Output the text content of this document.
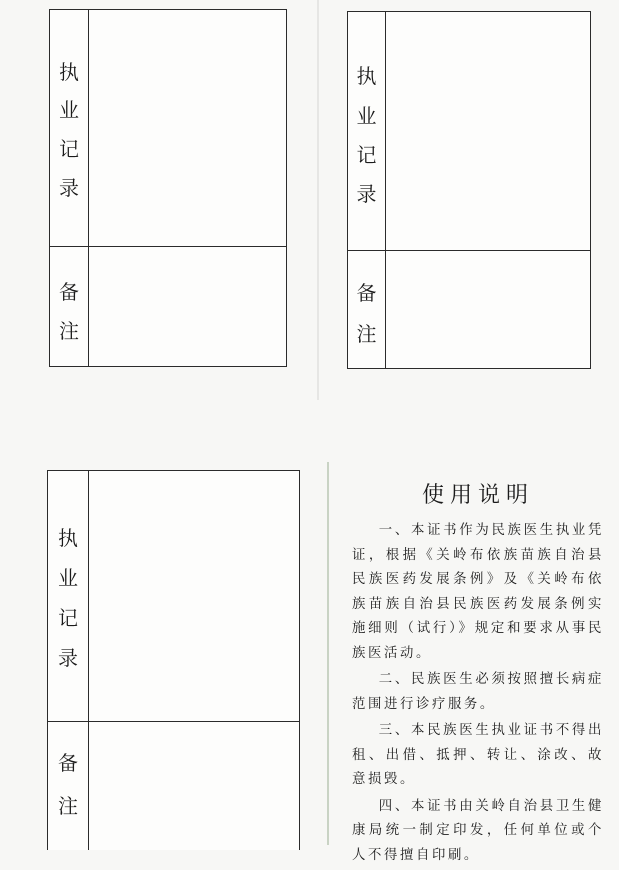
执
业
记
录
备
注
执
业
记
录
备
注
执
业
记
录
备
注
使用说明

一、本证书作为民族医生执业凭证，根据《关岭布依族苗族自治县民族医药发展条例》及《关岭布依族苗族自治县民族医药发展条例实施细则（试行）》规定和要求从事民族医活动。

二、民族医生必须按照擅长病症范围进行诊疗服务。

三、本民族医生执业证书不得出租、出借、抵押、转让、涂改、故意损毁。

四、本证书由关岭自治县卫生健康局统一制定印发，任何单位或个人不得擅自印刷。
